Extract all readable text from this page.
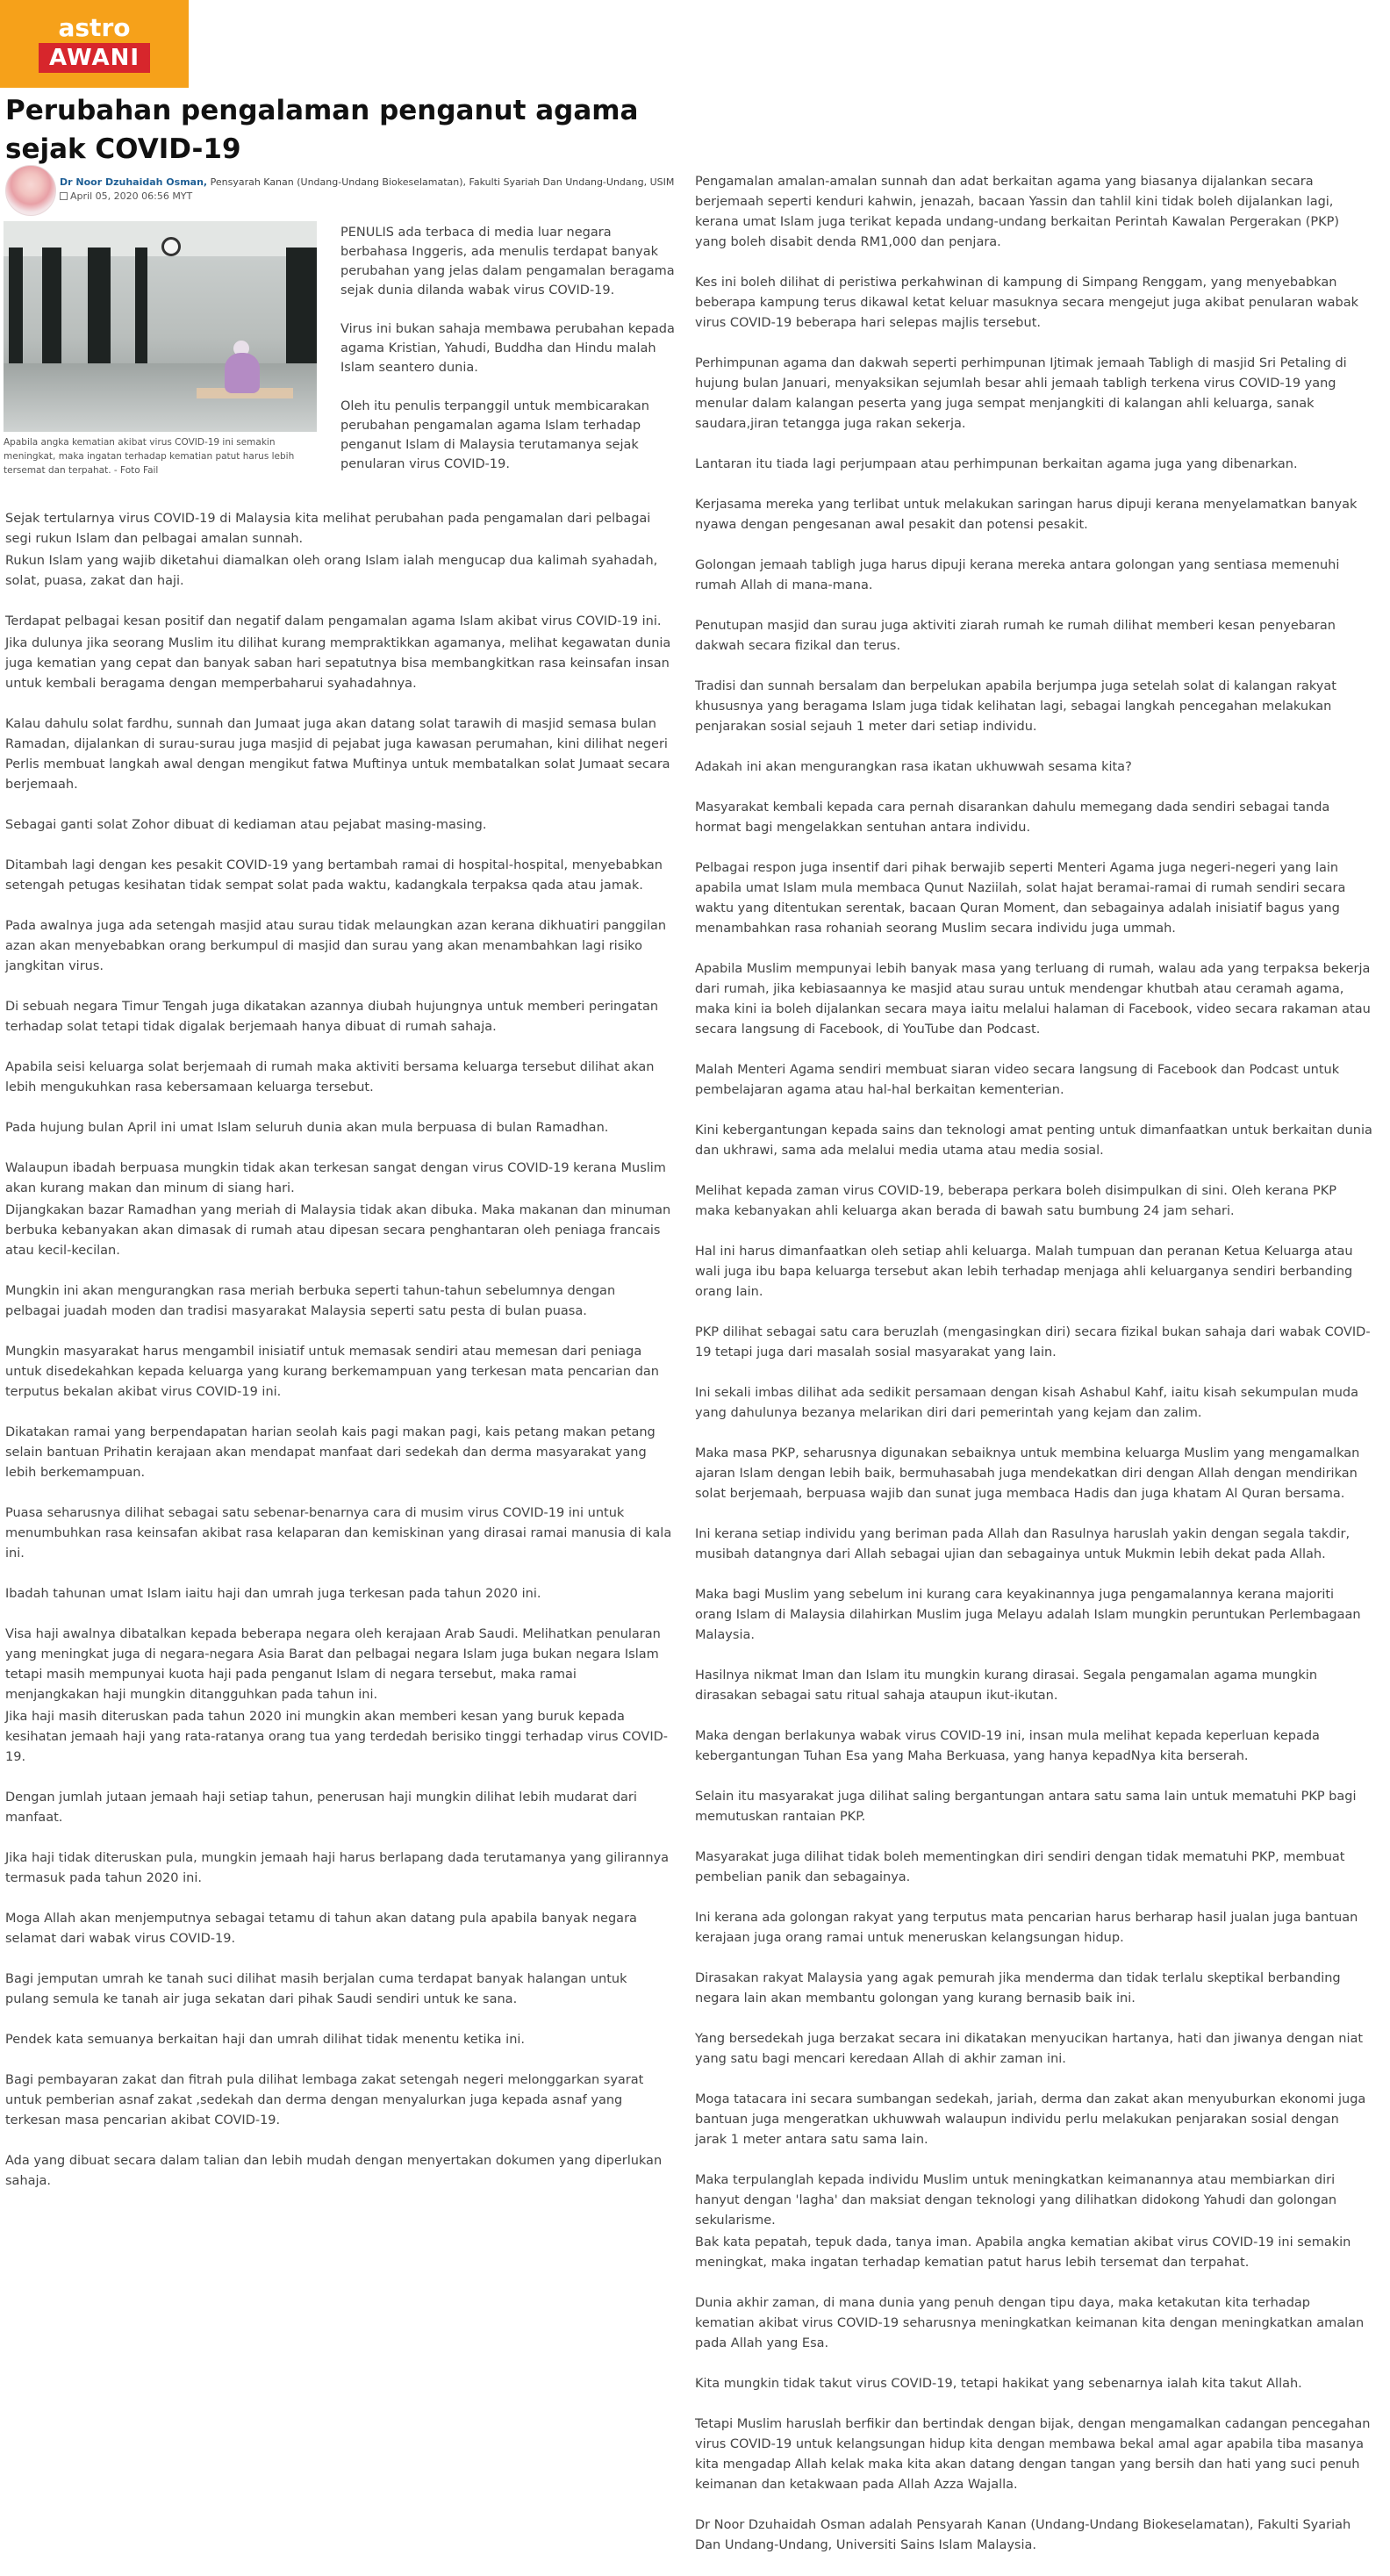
astro
AWANI
Perubahan pengalaman penganut agama sejak COVID-19
Dr Noor Dzuhaidah Osman, Pensyarah Kanan (Undang-Undang Biokeselamatan), Fakulti Syariah Dan Undang-Undang, USIM
April 05, 2020 06:56 MYT
Apabila angka kematian akibat virus COVID-19 ini semakin meningkat, maka ingatan terhadap kematian patut harus lebih tersemat dan terpahat. - Foto Fail

PENULIS ada terbaca di media luar negara berbahasa Inggeris, ada menulis terdapat banyak perubahan yang jelas dalam pengamalan beragama sejak dunia dilanda wabak virus COVID-19.

Virus ini bukan sahaja membawa perubahan kepada agama Kristian, Yahudi, Buddha dan Hindu malah Islam seantero dunia.

Oleh itu penulis terpanggil untuk membicarakan perubahan pengamalan agama Islam terhadap penganut Islam di Malaysia terutamanya sejak penularan virus COVID-19.

Sejak tertularnya virus COVID-19 di Malaysia kita melihat perubahan pada pengamalan dari pelbagai segi rukun Islam dan pelbagai amalan sunnah.

Rukun Islam yang wajib diketahui diamalkan oleh orang Islam ialah mengucap dua kalimah syahadah, solat, puasa, zakat dan haji.

Terdapat pelbagai kesan positif dan negatif dalam pengamalan agama Islam akibat virus COVID-19 ini.

Jika dulunya jika seorang Muslim itu dilihat kurang mempraktikkan agamanya, melihat kegawatan dunia juga kematian yang cepat dan banyak saban hari sepatutnya bisa membangkitkan rasa keinsafan insan untuk kembali beragama dengan memperbaharui syahadahnya.

Kalau dahulu solat fardhu, sunnah dan Jumaat juga akan datang solat tarawih di masjid semasa bulan Ramadan, dijalankan di surau-surau juga masjid di pejabat juga kawasan perumahan, kini dilihat negeri Perlis membuat langkah awal dengan mengikut fatwa Muftinya untuk membatalkan solat Jumaat secara berjemaah.

Sebagai ganti solat Zohor dibuat di kediaman atau pejabat masing-masing.

Ditambah lagi dengan kes pesakit COVID-19 yang bertambah ramai di hospital-hospital, menyebabkan setengah petugas kesihatan tidak sempat solat pada waktu, kadangkala terpaksa qada atau jamak.

Pada awalnya juga ada setengah masjid atau surau tidak melaungkan azan kerana dikhuatiri panggilan azan akan menyebabkan orang berkumpul di masjid dan surau yang akan menambahkan lagi risiko jangkitan virus.

Di sebuah negara Timur Tengah juga dikatakan azannya diubah hujungnya untuk memberi peringatan terhadap solat tetapi tidak digalak berjemaah hanya dibuat di rumah sahaja.

Apabila seisi keluarga solat berjemaah di rumah maka aktiviti bersama keluarga tersebut dilihat akan lebih mengukuhkan rasa kebersamaan keluarga tersebut.

Pada hujung bulan April ini umat Islam seluruh dunia akan mula berpuasa di bulan Ramadhan.

Walaupun ibadah berpuasa mungkin tidak akan terkesan sangat dengan virus COVID-19 kerana Muslim akan kurang makan dan minum di siang hari.

Dijangkakan bazar Ramadhan yang meriah di Malaysia tidak akan dibuka. Maka makanan dan minuman berbuka kebanyakan akan dimasak di rumah atau dipesan secara penghantaran oleh peniaga francais atau kecil-kecilan.

Mungkin ini akan mengurangkan rasa meriah berbuka seperti tahun-tahun sebelumnya dengan pelbagai juadah moden dan tradisi masyarakat Malaysia seperti satu pesta di bulan puasa.

Mungkin masyarakat harus mengambil inisiatif untuk memasak sendiri atau memesan dari peniaga untuk disedekahkan kepada keluarga yang kurang berkemampuan yang terkesan mata pencarian dan terputus bekalan akibat virus COVID-19 ini.

Dikatakan ramai yang berpendapatan harian seolah kais pagi makan pagi, kais petang makan petang selain bantuan Prihatin kerajaan akan mendapat manfaat dari sedekah dan derma masyarakat yang lebih berkemampuan.

Puasa seharusnya dilihat sebagai satu sebenar-benarnya cara di musim virus COVID-19 ini untuk menumbuhkan rasa keinsafan akibat rasa kelaparan dan kemiskinan yang dirasai ramai manusia di kala ini.

Ibadah tahunan umat Islam iaitu haji dan umrah juga terkesan pada tahun 2020 ini.

Visa haji awalnya dibatalkan kepada beberapa negara oleh kerajaan Arab Saudi. Melihatkan penularan yang meningkat juga di negara-negara Asia Barat dan pelbagai negara Islam juga bukan negara Islam tetapi masih mempunyai kuota haji pada penganut Islam di negara tersebut, maka ramai menjangkakan haji mungkin ditangguhkan pada tahun ini.

Jika haji masih diteruskan pada tahun 2020 ini mungkin akan memberi kesan yang buruk kepada kesihatan jemaah haji yang rata-ratanya orang tua yang terdedah berisiko tinggi terhadap virus COVID-19.

Dengan jumlah jutaan jemaah haji setiap tahun, penerusan haji mungkin dilihat lebih mudarat dari manfaat.

Jika haji tidak diteruskan pula, mungkin jemaah haji harus berlapang dada terutamanya yang gilirannya termasuk pada tahun 2020 ini.

Moga Allah akan menjemputnya sebagai tetamu di tahun akan datang pula apabila banyak negara selamat dari wabak virus COVID-19.

Bagi jemputan umrah ke tanah suci dilihat masih berjalan cuma terdapat banyak halangan untuk pulang semula ke tanah air juga sekatan dari pihak Saudi sendiri untuk ke sana.

Pendek kata semuanya berkaitan haji dan umrah dilihat tidak menentu ketika ini.

Bagi pembayaran zakat dan fitrah pula dilihat lembaga zakat setengah negeri melonggarkan syarat untuk pemberian asnaf zakat ,sedekah dan derma dengan menyalurkan juga kepada asnaf yang terkesan masa pencarian akibat COVID-19.

Ada yang dibuat secara dalam talian dan lebih mudah dengan menyertakan dokumen yang diperlukan sahaja.

Pengamalan amalan-amalan sunnah dan adat berkaitan agama yang biasanya dijalankan secara berjemaah seperti kenduri kahwin, jenazah, bacaan Yassin dan tahlil kini tidak boleh dijalankan lagi, kerana umat Islam juga terikat kepada undang-undang berkaitan Perintah Kawalan Pergerakan (PKP) yang boleh disabit denda RM1,000 dan penjara.

Kes ini boleh dilihat di peristiwa perkahwinan di kampung di Simpang Renggam, yang menyebabkan beberapa kampung terus dikawal ketat keluar masuknya secara mengejut juga akibat penularan wabak virus COVID-19 beberapa hari selepas majlis tersebut.

Perhimpunan agama dan dakwah seperti perhimpunan Ijtimak jemaah Tabligh di masjid Sri Petaling di hujung bulan Januari, menyaksikan sejumlah besar ahli jemaah tabligh terkena virus COVID-19 yang menular dalam kalangan peserta yang juga sempat menjangkiti di kalangan ahli keluarga, sanak saudara,jiran tetangga juga rakan sekerja.

Lantaran itu tiada lagi perjumpaan atau perhimpunan berkaitan agama juga yang dibenarkan.

Kerjasama mereka yang terlibat untuk melakukan saringan harus dipuji kerana menyelamatkan banyak nyawa dengan pengesanan awal pesakit dan potensi pesakit.

Golongan jemaah tabligh juga harus dipuji kerana mereka antara golongan yang sentiasa memenuhi rumah Allah di mana-mana.

Penutupan masjid dan surau juga aktiviti ziarah rumah ke rumah dilihat memberi kesan penyebaran dakwah secara fizikal dan terus.

Tradisi dan sunnah bersalam dan berpelukan apabila berjumpa juga setelah solat di kalangan rakyat khususnya yang beragama Islam juga tidak kelihatan lagi, sebagai langkah pencegahan melakukan penjarakan sosial sejauh 1 meter dari setiap individu.

Adakah ini akan mengurangkan rasa ikatan ukhuwwah sesama kita?

Masyarakat kembali kepada cara pernah disarankan dahulu memegang dada sendiri sebagai tanda hormat bagi mengelakkan sentuhan antara individu.

Pelbagai respon juga insentif dari pihak berwajib seperti Menteri Agama juga negeri-negeri yang lain apabila umat Islam mula membaca Qunut Naziilah, solat hajat beramai-ramai di rumah sendiri secara waktu yang ditentukan serentak, bacaan Quran Moment, dan sebagainya adalah inisiatif bagus yang menambahkan rasa rohaniah seorang Muslim secara individu juga ummah.

Apabila Muslim mempunyai lebih banyak masa yang terluang di rumah, walau ada yang terpaksa bekerja dari rumah, jika kebiasaannya ke masjid atau surau untuk mendengar khutbah atau ceramah agama, maka kini ia boleh dijalankan secara maya iaitu melalui halaman di Facebook, video secara rakaman atau secara langsung di Facebook, di YouTube dan Podcast.

Malah Menteri Agama sendiri membuat siaran video secara langsung di Facebook dan Podcast untuk pembelajaran agama atau hal-hal berkaitan kementerian.

Kini kebergantungan kepada sains dan teknologi amat penting untuk dimanfaatkan untuk berkaitan dunia dan ukhrawi, sama ada melalui media utama atau media sosial.

Melihat kepada zaman virus COVID-19, beberapa perkara boleh disimpulkan di sini. Oleh kerana PKP maka kebanyakan ahli keluarga akan berada di bawah satu bumbung 24 jam sehari.

Hal ini harus dimanfaatkan oleh setiap ahli keluarga. Malah tumpuan dan peranan Ketua Keluarga atau wali juga ibu bapa keluarga tersebut akan lebih terhadap menjaga ahli keluarganya sendiri berbanding orang lain.

PKP dilihat sebagai satu cara beruzlah (mengasingkan diri) secara fizikal bukan sahaja dari wabak COVID-19 tetapi juga dari masalah sosial masyarakat yang lain.

Ini sekali imbas dilihat ada sedikit persamaan dengan kisah Ashabul Kahf, iaitu kisah sekumpulan muda yang dahulunya bezanya melarikan diri dari pemerintah yang kejam dan zalim.

Maka masa PKP, seharusnya digunakan sebaiknya untuk membina keluarga Muslim yang mengamalkan ajaran Islam dengan lebih baik, bermuhasabah juga mendekatkan diri dengan Allah dengan mendirikan solat berjemaah, berpuasa wajib dan sunat juga membaca Hadis dan juga khatam Al Quran bersama.

Ini kerana setiap individu yang beriman pada Allah dan Rasulnya haruslah yakin dengan segala takdir, musibah datangnya dari Allah sebagai ujian dan sebagainya untuk Mukmin lebih dekat pada Allah.

Maka bagi Muslim yang sebelum ini kurang cara keyakinannya juga pengamalannya kerana majoriti orang Islam di Malaysia dilahirkan Muslim juga Melayu adalah Islam mungkin peruntukan Perlembagaan Malaysia.

Hasilnya nikmat Iman dan Islam itu mungkin kurang dirasai. Segala pengamalan agama mungkin dirasakan sebagai satu ritual sahaja ataupun ikut-ikutan.

Maka dengan berlakunya wabak virus COVID-19 ini, insan mula melihat kepada keperluan kepada kebergantungan Tuhan Esa yang Maha Berkuasa, yang hanya kepadNya kita berserah.

Selain itu masyarakat juga dilihat saling bergantungan antara satu sama lain untuk mematuhi PKP bagi memutuskan rantaian PKP.

Masyarakat juga dilihat tidak boleh mementingkan diri sendiri dengan tidak mematuhi PKP, membuat pembelian panik dan sebagainya.

Ini kerana ada golongan rakyat yang terputus mata pencarian harus berharap hasil jualan juga bantuan kerajaan juga orang ramai untuk meneruskan kelangsungan hidup.

Dirasakan rakyat Malaysia yang agak pemurah jika menderma dan tidak terlalu skeptikal berbanding negara lain akan membantu golongan yang kurang bernasib baik ini.

Yang bersedekah juga berzakat secara ini dikatakan menyucikan hartanya, hati dan jiwanya dengan niat yang satu bagi mencari keredaan Allah di akhir zaman ini.

Moga tatacara ini secara sumbangan sedekah, jariah, derma dan zakat akan menyuburkan ekonomi juga bantuan juga mengeratkan ukhuwwah walaupun individu perlu melakukan penjarakan sosial dengan jarak 1 meter antara satu sama lain.

Maka terpulanglah kepada individu Muslim untuk meningkatkan keimanannya atau membiarkan diri hanyut dengan 'lagha' dan maksiat dengan teknologi yang dilihatkan didokong Yahudi dan golongan sekularisme.

Bak kata pepatah, tepuk dada, tanya iman. Apabila angka kematian akibat virus COVID-19 ini semakin meningkat, maka ingatan terhadap kematian patut harus lebih tersemat dan terpahat.

Dunia akhir zaman, di mana dunia yang penuh dengan tipu daya, maka ketakutan kita terhadap kematian akibat virus COVID-19 seharusnya meningkatkan keimanan kita dengan meningkatkan amalan pada Allah yang Esa.

Kita mungkin tidak takut virus COVID-19, tetapi hakikat yang sebenarnya ialah kita takut Allah.

Tetapi Muslim haruslah berfikir dan bertindak dengan bijak, dengan mengamalkan cadangan pencegahan virus COVID-19 untuk kelangsungan hidup kita dengan membawa bekal amal agar apabila tiba masanya kita mengadap Allah kelak maka kita akan datang dengan tangan yang bersih dan hati yang suci penuh keimanan dan ketakwaan pada Allah Azza Wajalla.

Dr Noor Dzuhaidah Osman adalah Pensyarah Kanan (Undang-Undang Biokeselamatan), Fakulti Syariah Dan Undang-Undang, Universiti Sains Islam Malaysia.
